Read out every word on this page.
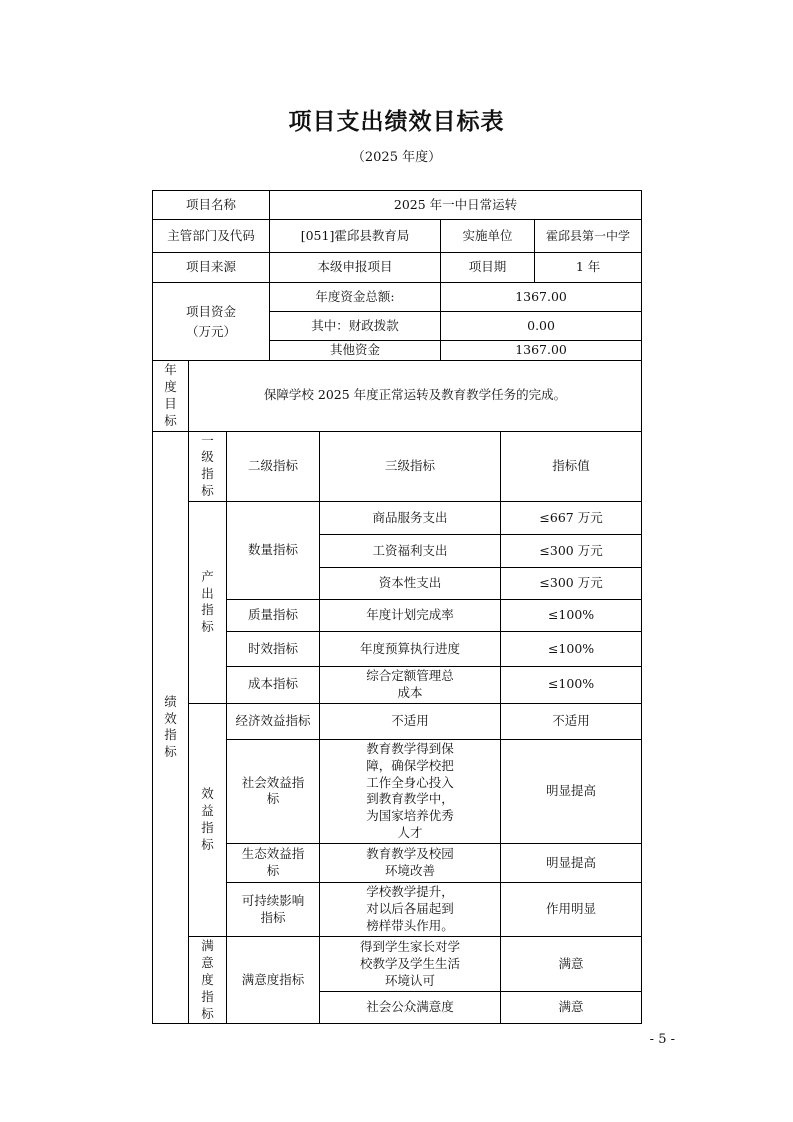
项目支出绩效目标表
（2025 年度）
项目名称			2025 年一中日常运转				
主管部门及代码			[051]霍邱县教育局		实施单位		霍邱县第一中学
项目来源			本级申报项目		项目期		1 年

项目资金（万元）			年度资金总额:		1367.00		
			其中：财政拨款		0.00		
			其他资金		1367.00		
年度目标	保障学校 2025 年度正常运转及教育教学任务的完成。						
绩效指标	一级指标	二级指标		三级指标		指标值	
	产出指标	数量指标		商品服务支出		≤667 万元	
				工资福利支出		≤300 万元	
				资本性支出		≤300 万元	
		质量指标		年度计划完成率		≤100%	
		时效指标		年度预算执行进度		≤100%	
		成本指标		综合定额管理总成本		≤100%	
	效益指标	经济效益指标		不适用		不适用	

		社会效益指标		教育教学得到保障，确保学校把工作全身心投入到教育教学中，为国家培养优秀人才		明显提高	

		生态效益指标		教育教学及校园环境改善		明显提高	

		可持续影响指标		学校教学提升，对以后各届起到榜样带头作用。		作用明显	
	满意度指标	满意度指标		得到学生家长对学校教学及学生生活环境认可		满意	
				社会公众满意度		满意	
- 5 -
